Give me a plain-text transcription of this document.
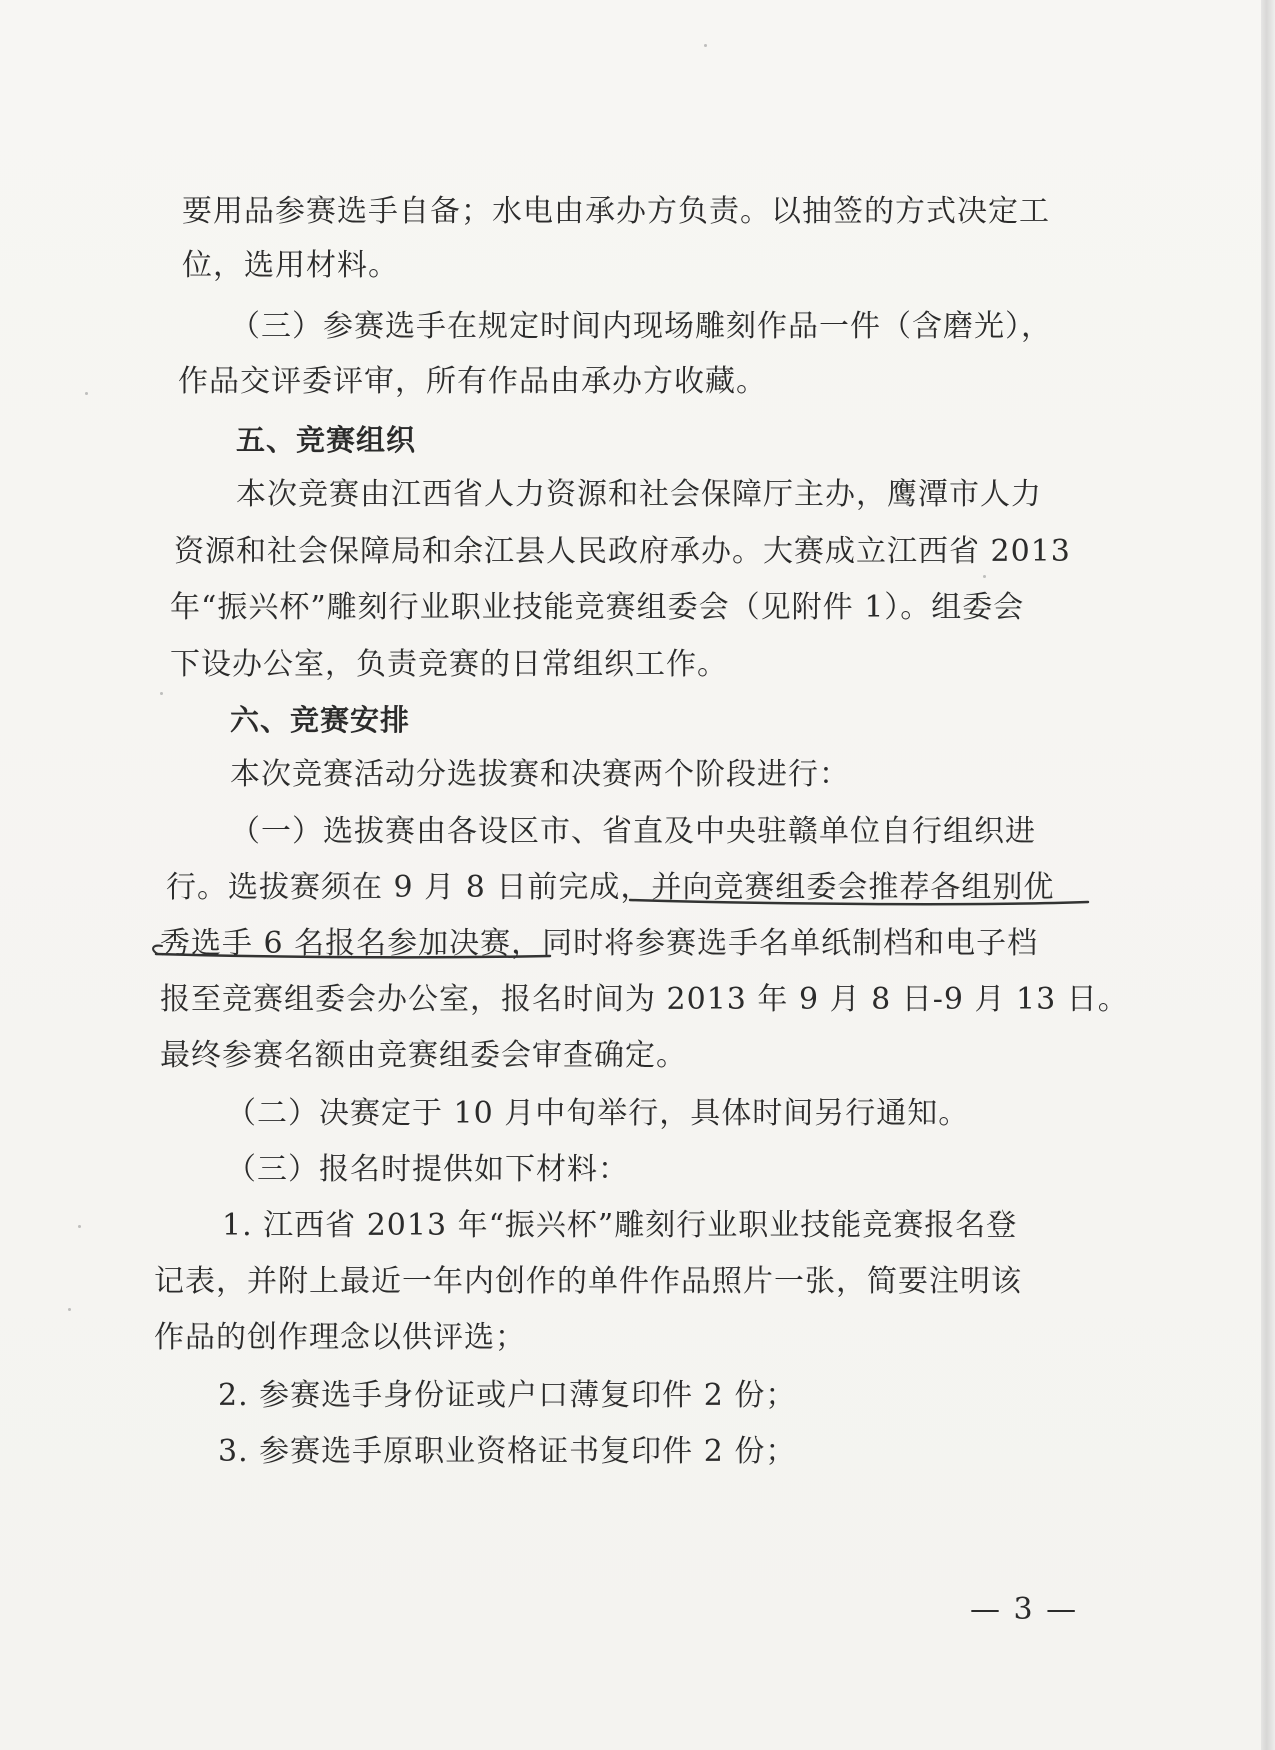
要用品参赛选手自备；水电由承办方负责。以抽签的方式决定工
位，选用材料。
（三）参赛选手在规定时间内现场雕刻作品一件（含磨光），
作品交评委评审，所有作品由承办方收藏。
五、竞赛组织
本次竞赛由江西省人力资源和社会保障厅主办，鹰潭市人力
资源和社会保障局和余江县人民政府承办。大赛成立江西省 2013
年“振兴杯”雕刻行业职业技能竞赛组委会（见附件 1）。组委会
下设办公室，负责竞赛的日常组织工作。
六、竞赛安排
本次竞赛活动分选拔赛和决赛两个阶段进行：
（一）选拔赛由各设区市、省直及中央驻赣单位自行组织进
行。选拔赛须在 9 月 8 日前完成，并向竞赛组委会推荐各组别优
秀选手 6 名报名参加决赛，同时将参赛选手名单纸制档和电子档
报至竞赛组委会办公室，报名时间为 2013 年 9 月 8 日-9 月 13 日。
最终参赛名额由竞赛组委会审查确定。
（二）决赛定于 10 月中旬举行，具体时间另行通知。
（三）报名时提供如下材料：
1. 江西省 2013 年“振兴杯”雕刻行业职业技能竞赛报名登
记表，并附上最近一年内创作的单件作品照片一张，简要注明该
作品的创作理念以供评选；
2. 参赛选手身份证或户口薄复印件 2 份；
3. 参赛选手原职业资格证书复印件 2 份；
— 3 —
